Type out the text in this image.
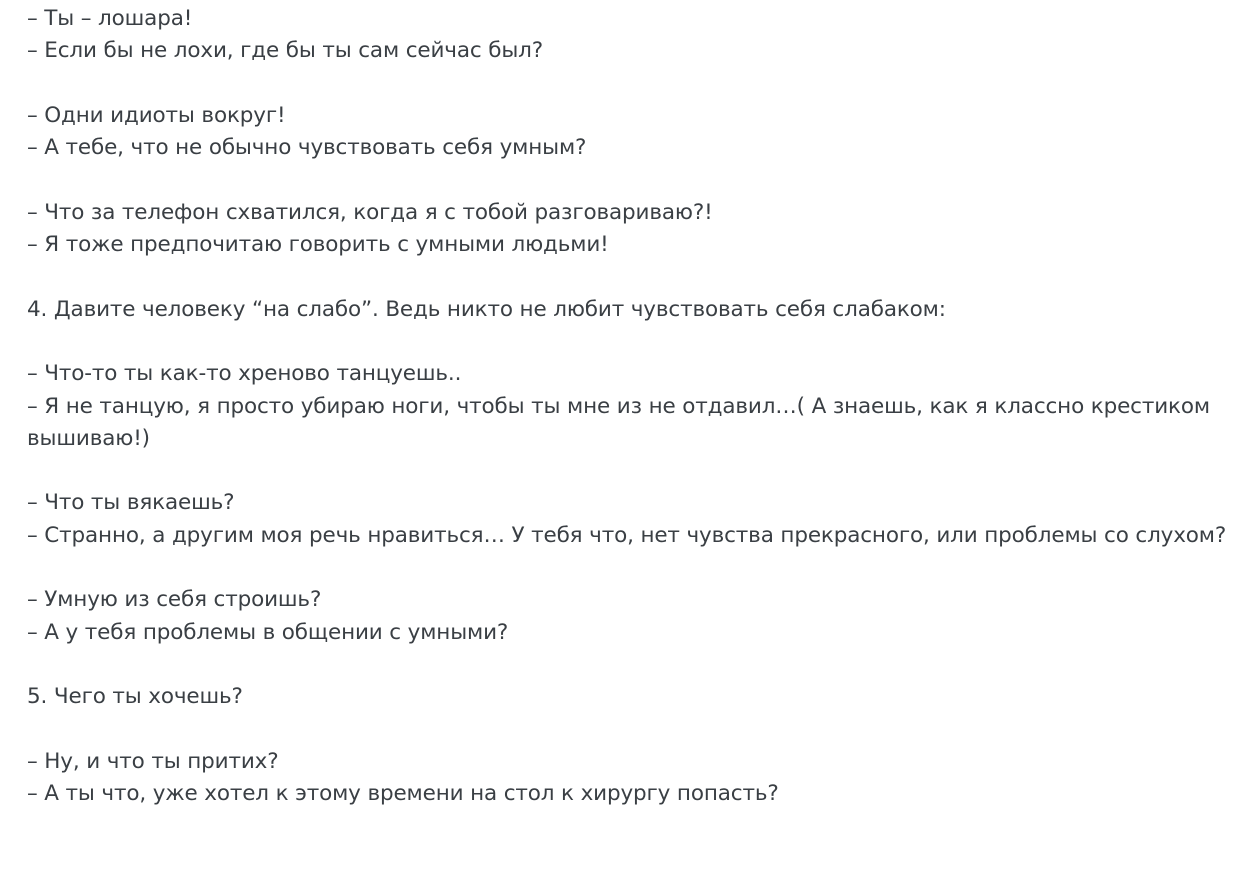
– Ты – лошара!
– Если бы не лохи, где бы ты сам сейчас был?

– Одни идиоты вокруг!
– А тебе, что не обычно чувствовать себя умным?

– Что за телефон схватился, когда я с тобой разговариваю?!
– Я тоже предпочитаю говорить с умными людьми!

4. Давите человеку “на слабо”. Ведь никто не любит чувствовать себя слабаком:

– Что-то ты как-то хреново танцуешь..
– Я не танцую, я просто убираю ноги, чтобы ты мне из не отдавил…( А знаешь, как я классно крестиком вышиваю!)

– Что ты вякаешь?
– Странно, а другим моя речь нравиться… У тебя что, нет чувства прекрасного, или проблемы со слухом?

– Умную из себя строишь?
– А у тебя проблемы в общении с умными?

5. Чего ты хочешь?

– Ну, и что ты притих?
– А ты что, уже хотел к этому времени на стол к хирургу попасть?
